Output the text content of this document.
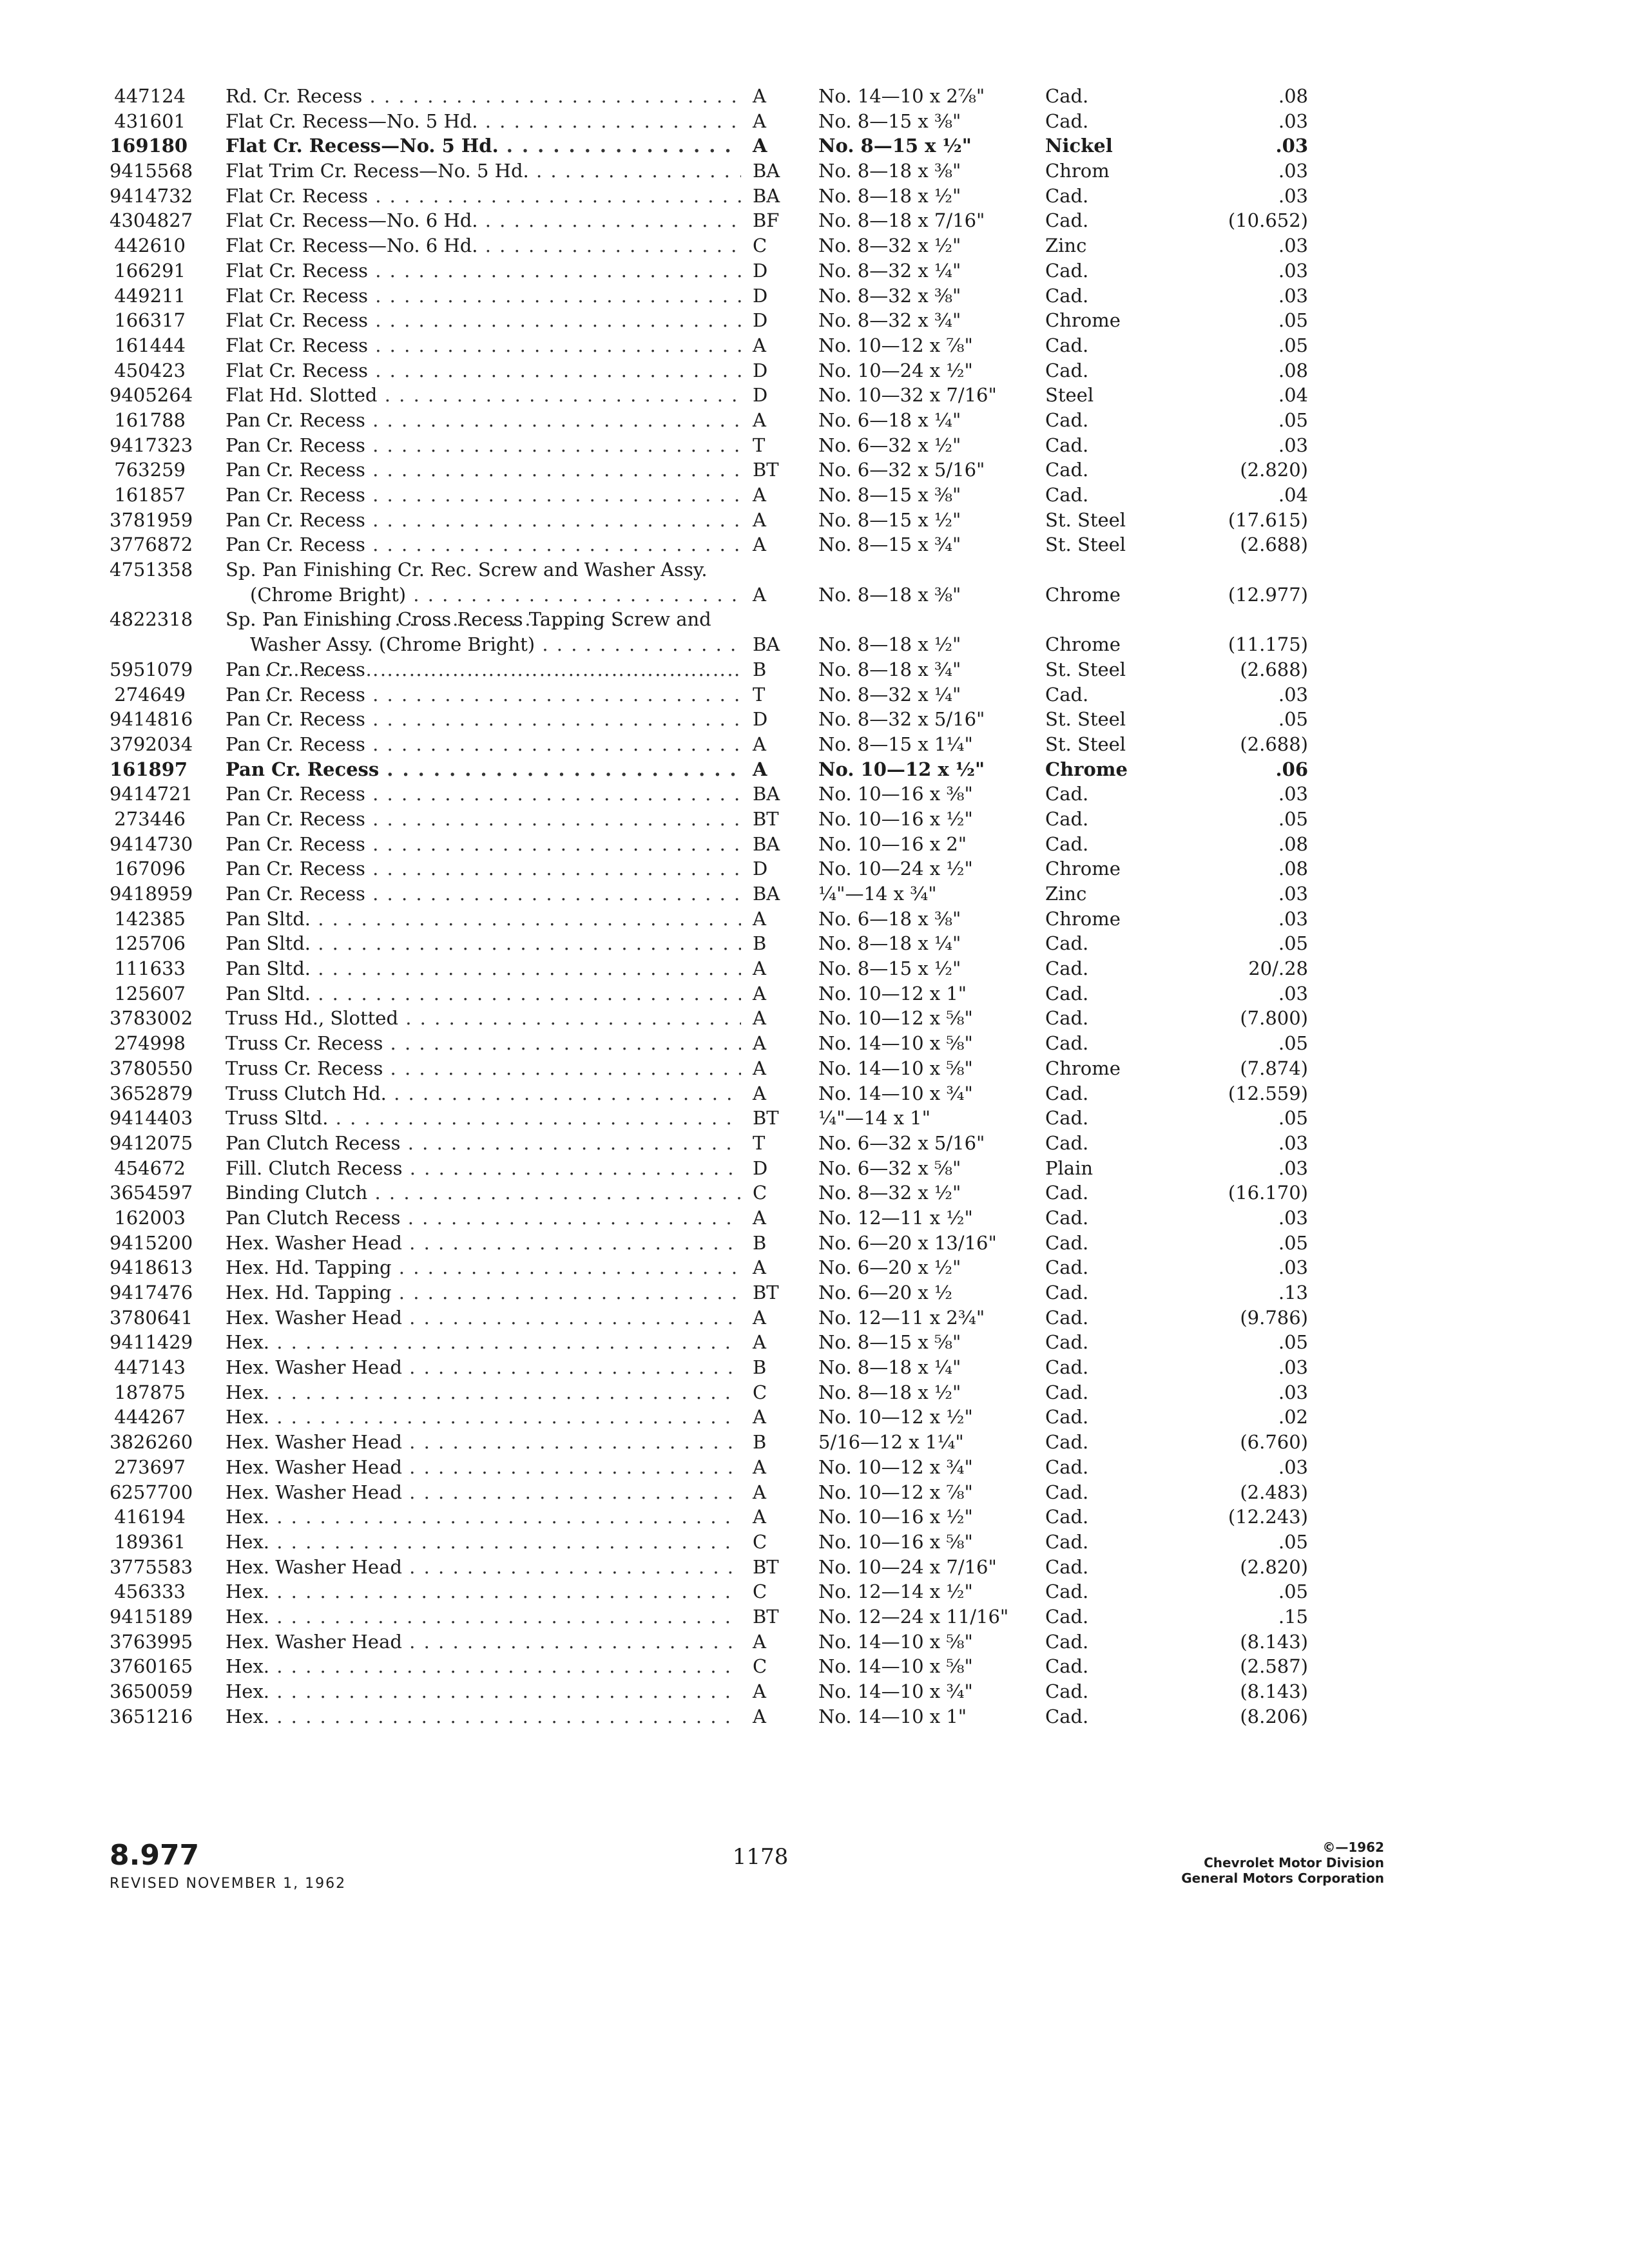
447124 Rd. Cr. Recess . . .	A	No. 14—10 x 2⅞"	Cad.	.08
431601 Flat Cr. Recess—No. 5 Hd. . . .	A	No. 8—15 x ⅜"	Cad.	.03
169180 Flat Cr. Recess—No. 5 Hd. . . .	A	No. 8—15 x ½"	Nickel	.03
9415568 Flat Trim Cr. Recess—No. 5 Hd. . . .	BA	No. 8—18 x ⅜"	Chrom	.03
9414732 Flat Cr. Recess . . .	BA	No. 8—18 x ½"	Cad.	.03
4304827 Flat Cr. Recess—No. 6 Hd. . . .	BF	No. 8—18 x 7/16"	Cad.	(10.652)
442610 Flat Cr. Recess—No. 6 Hd. . . .	C	No. 8—32 x ½"	Zinc	.03
166291 Flat Cr. Recess . . .	D	No. 8—32 x ¼"	Cad.	.03
449211 Flat Cr. Recess . . .	D	No. 8—32 x ⅜"	Cad.	.03
166317 Flat Cr. Recess . . .	D	No. 8—32 x ¾"	Chrome	.05
161444 Flat Cr. Recess . . .	A	No. 10—12 x ⅞"	Cad.	.05
450423 Flat Cr. Recess . . .	D	No. 10—24 x ½"	Cad.	.08
9405264 Flat Hd. Slotted . . .	D	No. 10—32 x 7/16"	Steel	.04
161788 Pan Cr. Recess . . .	A	No. 6—18 x ¼"	Cad.	.05
9417323 Pan Cr. Recess . . .	T	No. 6—32 x ½"	Cad.	.03
763259 Pan Cr. Recess . . .	BT	No. 6—32 x 5/16"	Cad.	(2.820)
161857 Pan Cr. Recess . . .	A	No. 8—15 x ⅜"	Cad.	.04
3781959 Pan Cr. Recess . . .	A	No. 8—15 x ½"	St. Steel	(17.615)
3776872 Pan Cr. Recess . . .	A	No. 8—15 x ¾"	St. Steel	(2.688)
4751358 Sp. Pan Finishing Cr. Rec. Screw and Washer Assy.
(Chrome Bright) . . .	A	No. 8—18 x ⅜"	Chrome	(12.977)
4822318 Sp. Pan Finishing Cross Recess Tapping Screw and
Washer Assy. (Chrome Bright) . . .	BA	No. 8—18 x ½"	Chrome	(11.175)
5951079 Pan Cr. Recess . . .	B	No. 8—18 x ¾"	St. Steel	(2.688)
274649 Pan Cr. Recess . . .	T	No. 8—32 x ¼"	Cad.	.03
9414816 Pan Cr. Recess . . .	D	No. 8—32 x 5/16"	St. Steel	.05
3792034 Pan Cr. Recess . . .	A	No. 8—15 x 1¼"	St. Steel	(2.688)
161897 Pan Cr. Recess . . .	A	No. 10—12 x ½"	Chrome	.06
9414721 Pan Cr. Recess . . .	BA	No. 10—16 x ⅜"	Cad.	.03
273446 Pan Cr. Recess . . .	BT	No. 10—16 x ½"	Cad.	.05
9414730 Pan Cr. Recess . . .	BA	No. 10—16 x 2"	Cad.	.08
167096 Pan Cr. Recess . . .	D	No. 10—24 x ½"	Chrome	.08
9418959 Pan Cr. Recess . . .	BA	¼"—14 x ¾"	Zinc	.03
142385 Pan Sltd. . . .	A	No. 6—18 x ⅜"	Chrome	.03
125706 Pan Sltd. . . .	B	No. 8—18 x ¼"	Cad.	.05
111633 Pan Sltd. . . .	A	No. 8—15 x ½"	Cad.	20/.28
125607 Pan Sltd. . . .	A	No. 10—12 x 1"	Cad.	.03
3783002 Truss Hd., Slotted . . .	A	No. 10—12 x ⅝"	Cad.	(7.800)
274998 Truss Cr. Recess . . .	A	No. 14—10 x ⅝"	Cad.	.05
3780550 Truss Cr. Recess . . .	A	No. 14—10 x ⅝"	Chrome	(7.874)
3652879 Truss Clutch Hd. . . .	A	No. 14—10 x ¾"	Cad.	(12.559)
9414403 Truss Sltd. . . .	BT	¼"—14 x 1"	Cad.	.05
9412075 Pan Clutch Recess . . .	T	No. 6—32 x 5/16"	Cad.	.03
454672 Fill. Clutch Recess . . .	D	No. 6—32 x ⅝"	Plain	.03
3654597 Binding Clutch . . .	C	No. 8—32 x ½"	Cad.	(16.170)
162003 Pan Clutch Recess . . .	A	No. 12—11 x ½"	Cad.	.03
9415200 Hex. Washer Head . . .	B	No. 6—20 x 13/16"	Cad.	.05
9418613 Hex. Hd. Tapping . . .	A	No. 6—20 x ½"	Cad.	.03
9417476 Hex. Hd. Tapping . . .	BT	No. 6—20 x ½	Cad.	.13
3780641 Hex. Washer Head . . .	A	No. 12—11 x 2¾"	Cad.	(9.786)
9411429 Hex. . . .	A	No. 8—15 x ⅝"	Cad.	.05
447143 Hex. Washer Head . . .	B	No. 8—18 x ¼"	Cad.	.03
187875 Hex. . . .	C	No. 8—18 x ½"	Cad.	.03
444267 Hex. . . .	A	No. 10—12 x ½"	Cad.	.02
3826260 Hex. Washer Head . . .	B	5/16—12 x 1¼"	Cad.	(6.760)
273697 Hex. Washer Head . . .	A	No. 10—12 x ¾"	Cad.	.03
6257700 Hex. Washer Head . . .	A	No. 10—12 x ⅞"	Cad.	(2.483)
416194 Hex. . . .	A	No. 10—16 x ½"	Cad.	(12.243)
189361 Hex. . . .	C	No. 10—16 x ⅝"	Cad.	.05
3775583 Hex. Washer Head . . .	BT	No. 10—24 x 7/16"	Cad.	(2.820)
456333 Hex. . . .	C	No. 12—14 x ½"	Cad.	.05
9415189 Hex. . . .	BT	No. 12—24 x 11/16"	Cad.	.15
3763995 Hex. Washer Head . . .	A	No. 14—10 x ⅝"	Cad.	(8.143)
3760165 Hex. . . .	C	No. 14—10 x ⅝"	Cad.	(2.587)
3650059 Hex. . . .	A	No. 14—10 x ¾"	Cad.	(8.143)
3651216 Hex. . . .	A	No. 14—10 x 1"	Cad.	(8.206)
8.977
REVISED NOVEMBER 1, 1962
1178	©—1962
Chevrolet Motor Division
General Motors Corporation
